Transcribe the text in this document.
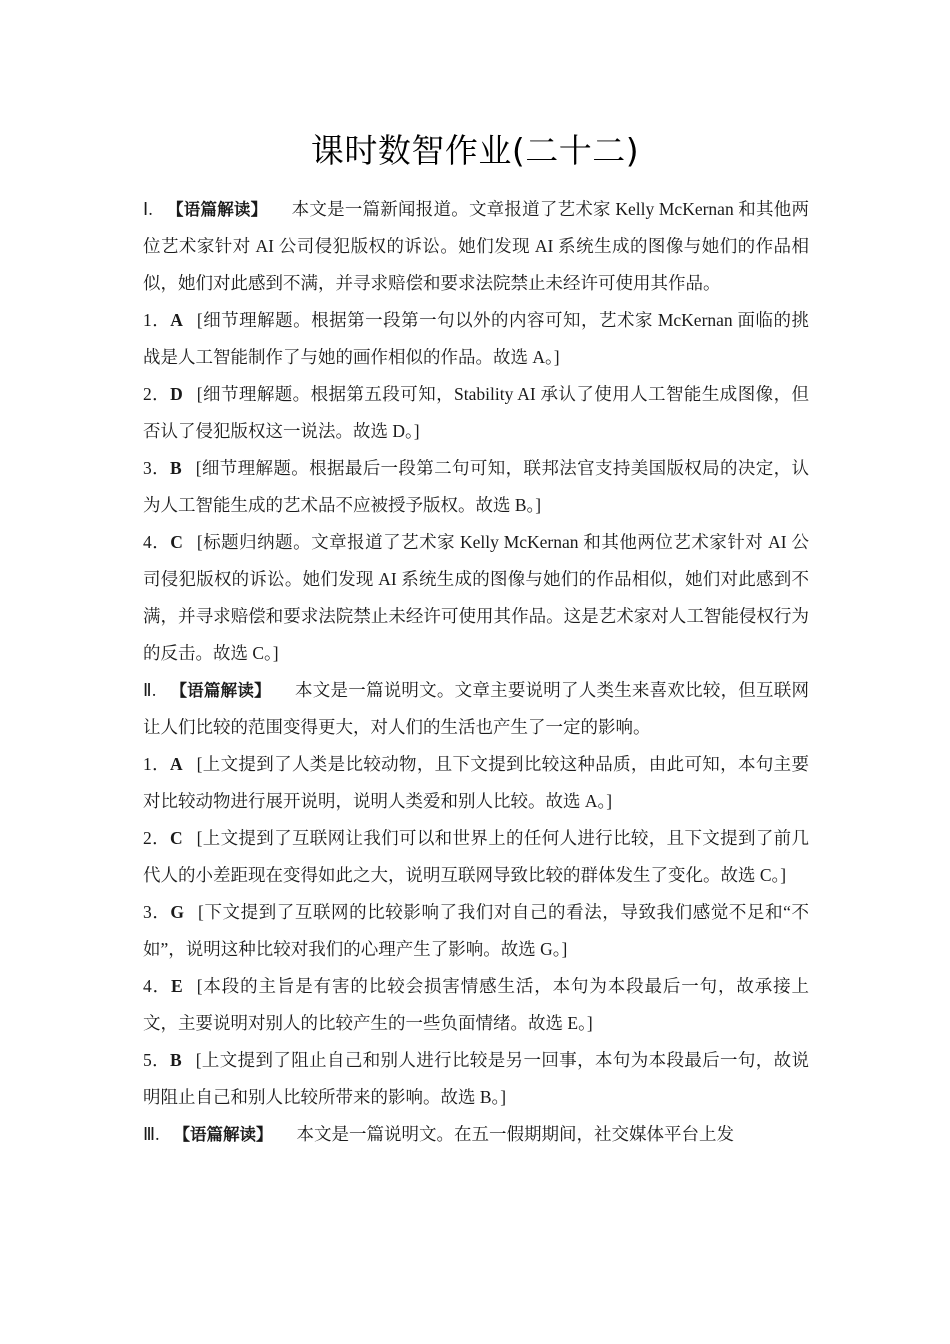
课时数智作业(二十二)

Ⅰ. 【语篇解读】 本文是一篇新闻报道。文章报道了艺术家 Kelly McKernan 和其他两位艺术家针对 AI 公司侵犯版权的诉讼。她们发现 AI 系统生成的图像与她们的作品相似，她们对此感到不满，并寻求赔偿和要求法院禁止未经许可使用其作品。

1．A [细节理解题。根据第一段第一句以外的内容可知，艺术家 McKernan 面临的挑战是人工智能制作了与她的画作相似的作品。故选 A。]

2．D [细节理解题。根据第五段可知，Stability AI 承认了使用人工智能生成图像，但否认了侵犯版权这一说法。故选 D。]

3．B [细节理解题。根据最后一段第二句可知，联邦法官支持美国版权局的决定，认为人工智能生成的艺术品不应被授予版权。故选 B。]

4．C [标题归纳题。文章报道了艺术家 Kelly McKernan 和其他两位艺术家针对 AI 公司侵犯版权的诉讼。她们发现 AI 系统生成的图像与她们的作品相似，她们对此感到不满，并寻求赔偿和要求法院禁止未经许可使用其作品。这是艺术家对人工智能侵权行为的反击。故选 C。]

Ⅱ. 【语篇解读】 本文是一篇说明文。文章主要说明了人类生来喜欢比较，但互联网让人们比较的范围变得更大，对人们的生活也产生了一定的影响。

1．A [上文提到了人类是比较动物，且下文提到比较这种品质，由此可知，本句主要对比较动物进行展开说明，说明人类爱和别人比较。故选 A。]

2．C [上文提到了互联网让我们可以和世界上的任何人进行比较，且下文提到了前几代人的小差距现在变得如此之大，说明互联网导致比较的群体发生了变化。故选 C。]

3．G [下文提到了互联网的比较影响了我们对自己的看法，导致我们感觉不足和“不如”，说明这种比较对我们的心理产生了影响。故选 G。]

4．E [本段的主旨是有害的比较会损害情感生活，本句为本段最后一句，故承接上文，主要说明对别人的比较产生的一些负面情绪。故选 E。]

5．B [上文提到了阻止自己和别人进行比较是另一回事，本句为本段最后一句，故说明阻止自己和别人比较所带来的影响。故选 B。]

Ⅲ. 【语篇解读】 本文是一篇说明文。在五一假期期间，社交媒体平台上发
